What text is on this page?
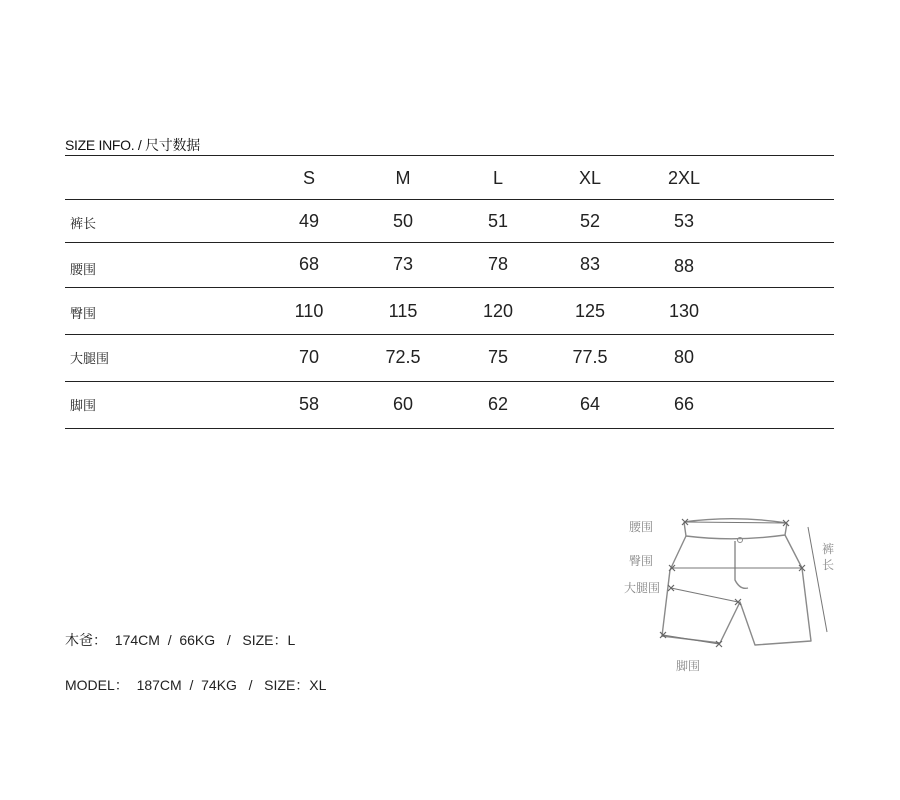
SIZE INFO. / 尺寸数据
S	M	L	XL	2XL
裤长	49	50	51	52	53
腰围	68	73	78	83	88
臀围	110	115	120	125	130
大腿围	70	72.5	75	77.5	80
脚围	58	60	62	64	66
木爸：  174CM  /  66KG   /   SIZE：L
MODEL：  187CM  /  74KG   /   SIZE：XL
腰围
臀围
大腿围
脚围
裤
长
